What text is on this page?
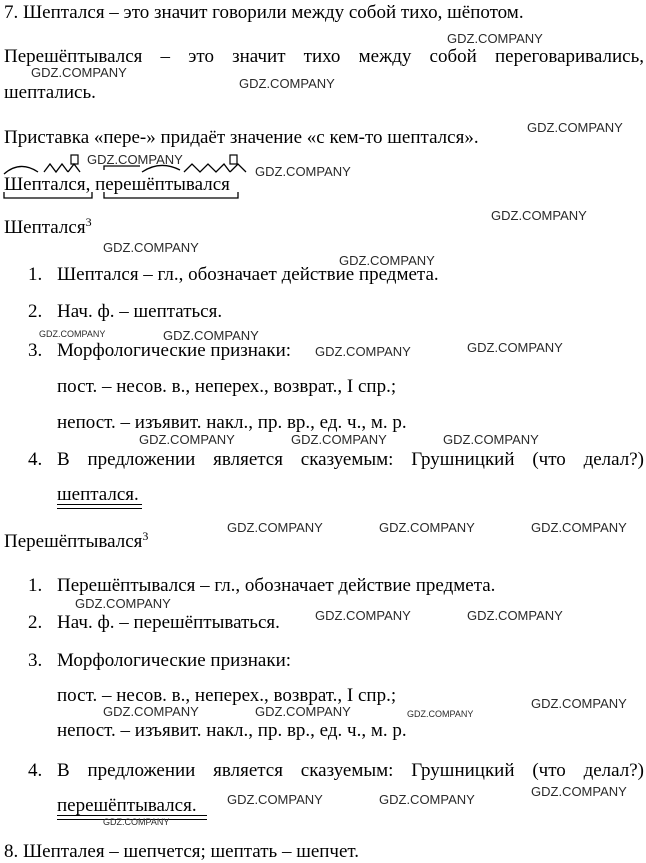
7. Шептался – это значит говорили между собой тихо, шёпотом.
Перешёптывался – это значит тихо между собой переговаривались,
шептались.
Приставка «пере-» придаёт значение «с кем-то шептался».
Шептался, перешёптывался
Шептался$^3$
1. Шептался – гл., обозначает действие предмета.
2. Нач. ф. – шептаться.
3. Морфологические признаки:
пост. – несов. в., неперех., возврат., I спр.;
непост. – изъявит. накл., пр. вр., ед. ч., м. р.
4. В предложении является сказуемым: Грушницкий (что делал?)
шептался.
Перешёптывался$^3$
1. Перешёптывался – гл., обозначает действие предмета.
2. Нач. ф. – перешёптываться.
3. Морфологические признаки:
пост. – несов. в., неперех., возврат., I спр.;
непост. – изъявит. накл., пр. вр., ед. ч., м. р.
4. В предложении является сказуемым: Грушницкий (что делал?)
перешёптывался.
8. Шепталея – шепчется; шептать – шепчет.
GDZ.COMPANY
GDZ.COMPANY
GDZ.COMPANY
GDZ.COMPANY
GDZ.COMPANY
GDZ.COMPANY
GDZ.COMPANY
GDZ.COMPANY
GDZ.COMPANY
GDZ.COMPANY	GDZ.COMPANY
GDZ.COMPANY	GDZ.COMPANY
GDZ.COMPANY	GDZ.COMPANY	GDZ.COMPANY
GDZ.COMPANY	GDZ.COMPANY	GDZ.COMPANY
GDZ.COMPANY
GDZ.COMPANY	GDZ.COMPANY
GDZ.COMPANY
GDZ.COMPANY	GDZ.COMPANY	GDZ.COMPANY
GDZ.COMPANY
GDZ.COMPANY	GDZ.COMPANY
GDZ.COMPANY
